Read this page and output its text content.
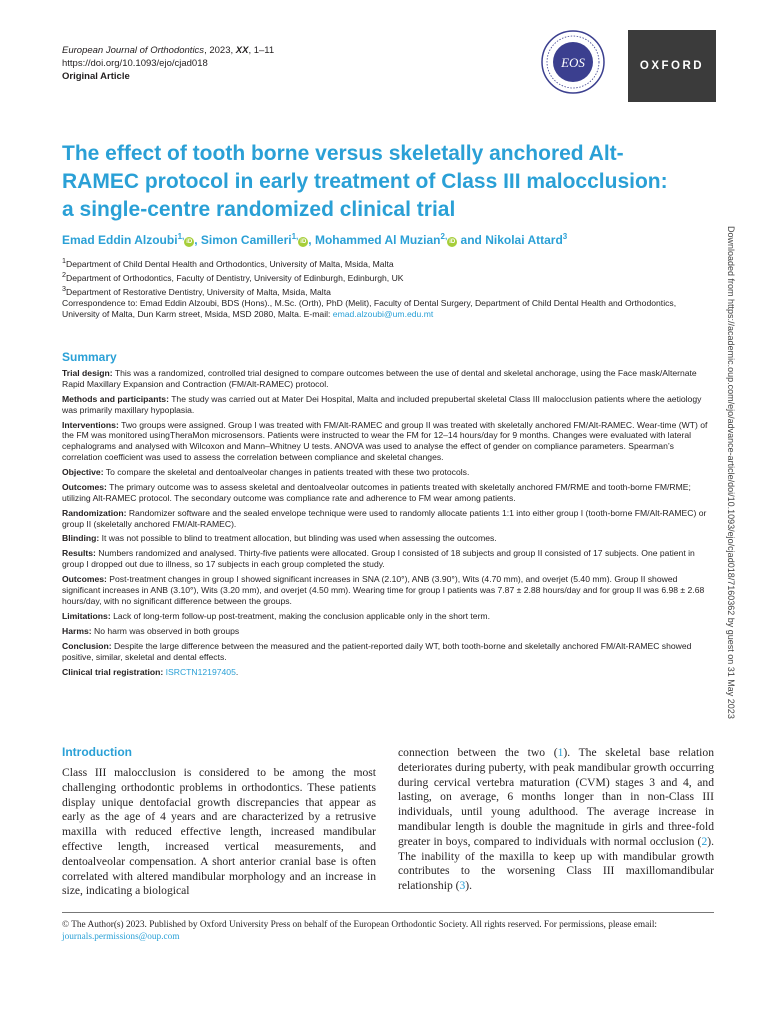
European Journal of Orthodontics, 2023, XX, 1–11
https://doi.org/10.1093/ejo/cjad018
Original Article
EOS	OXFORD
The effect of tooth borne versus skeletally anchored Alt-RAMEC protocol in early treatment of Class III malocclusion: a single-centre randomized clinical trial
Emad Eddin Alzoubi$^{1,}$iD , Simon Camilleri$^{1,}$iD , Mohammed Al Muzian$^{2,}$iD and Nikolai Attard$^3$
$^1$Department of Child Dental Health and Orthodontics, University of Malta, Msida, Malta
$^2$Department of Orthodontics, Faculty of Dentistry, University of Edinburgh, Edinburgh, UK
$^3$Department of Restorative Dentistry, University of Malta, Msida, Malta
Correspondence to: Emad Eddin Alzoubi, BDS (Hons)., M.Sc. (Orth), PhD (Melit), Faculty of Dental Surgery, Department of Child Dental Health and Orthodontics, University of Malta, Dun Karm street, Msida, MSD 2080, Malta. E-mail: emad.alzoubi@um.edu.mt
Summary

Trial design: This was a randomized, controlled trial designed to compare outcomes between the use of dental and skeletal anchorage, using the Face mask/Alternate Rapid Maxillary Expansion and Contraction (FM/Alt-RAMEC) protocol.

Methods and participants: The study was carried out at Mater Dei Hospital, Malta and included prepubertal skeletal Class III malocclusion patients where the aetiology was primarily maxillary hypoplasia.

Interventions: Two groups were assigned. Group I was treated with FM/Alt-RAMEC and group II was treated with skeletally anchored FM/Alt-RAMEC. Wear-time (WT) of the FM was monitored usingTheraMon microsensors. Patients were instructed to wear the FM for 12–14 hours/day for 9 months. Changes were evaluated with lateral cephalograms and analysed with Wilcoxon and Mann–Whitney U tests. ANOVA was used to analyse the effect of gender on compliance parameters. Spearman’s correlation coefficient was used to assess the correlation between compliance and skeletal changes.

Objective: To compare the skeletal and dentoalveolar changes in patients treated with these two protocols.

Outcomes: The primary outcome was to assess skeletal and dentoalveolar outcomes in patients treated with skeletally anchored FM/RME and tooth-borne FM/RME; utilizing Alt-RAMEC protocol. The secondary outcome was compliance rate and adherence to FM wear among patients.

Randomization: Randomizer software and the sealed envelope technique were used to randomly allocate patients 1:1 into either group I (tooth-borne FM/Alt-RAMEC) or group II (skeletally anchored FM/Alt-RAMEC).

Blinding: It was not possible to blind to treatment allocation, but blinding was used when assessing the outcomes.

Results: Numbers randomized and analysed. Thirty-five patients were allocated. Group I consisted of 18 subjects and group II consisted of 17 subjects. One patient in group I dropped out due to illness, so 17 subjects in each group completed the study.

Outcomes: Post-treatment changes in group I showed significant increases in SNA (2.10°), ANB (3.90°), Wits (4.70 mm), and overjet (5.40 mm). Group II showed significant increases in ANB (3.10°), Wits (3.20 mm), and overjet (4.50 mm). Wearing time for group I patients was 7.87 ± 2.88 hours/day and for group II was 6.98 ± 2.68 hours/day, with no significant difference between the groups.

Limitations: Lack of long-term follow-up post-treatment, making the conclusion applicable only in the short term.

Harms: No harm was observed in both groups

Conclusion: Despite the large difference between the measured and the patient-reported daily WT, both tooth-borne and skeletally anchored FM/Alt-RAMEC showed positive, similar, skeletal and dental effects.

Clinical trial registration: ISRCTN12197405.	Downloaded from https://academic.oup.com/ejo/advance-article/doi/10.1093/ejo/cjad018/7160362 by guest on 31 May 2023
Introduction
Class III malocclusion is considered to be among the most challenging orthodontic problems in orthodontics. These patients display unique dentofacial growth discrepancies that appear as early as the age of 4 years and are characterized by a retrusive maxilla with reduced effective length, increased mandibular effective length, increased vertical measurements, and dentoalveolar compensation. A short anterior cranial base is often correlated with altered mandibular morphology and an increase in size, indicating a biological
connection between the two (1). The skeletal base relation deteriorates during puberty, with peak mandibular growth occurring during cervical vertebra maturation (CVM) stages 3 and 4, and lasting, on average, 6 months longer than in non-Class III individuals, until young adulthood. The average increase in mandibular length is double the magnitude in girls and three-fold greater in boys, compared to individuals with normal occlusion (2). The inability of the maxilla to keep up with mandibular growth contributes to the worsening Class III maxillomandibular relationship (3).
© The Author(s) 2023. Published by Oxford University Press on behalf of the European Orthodontic Society. All rights reserved. For permissions, please email: journals.permissions@oup.com
